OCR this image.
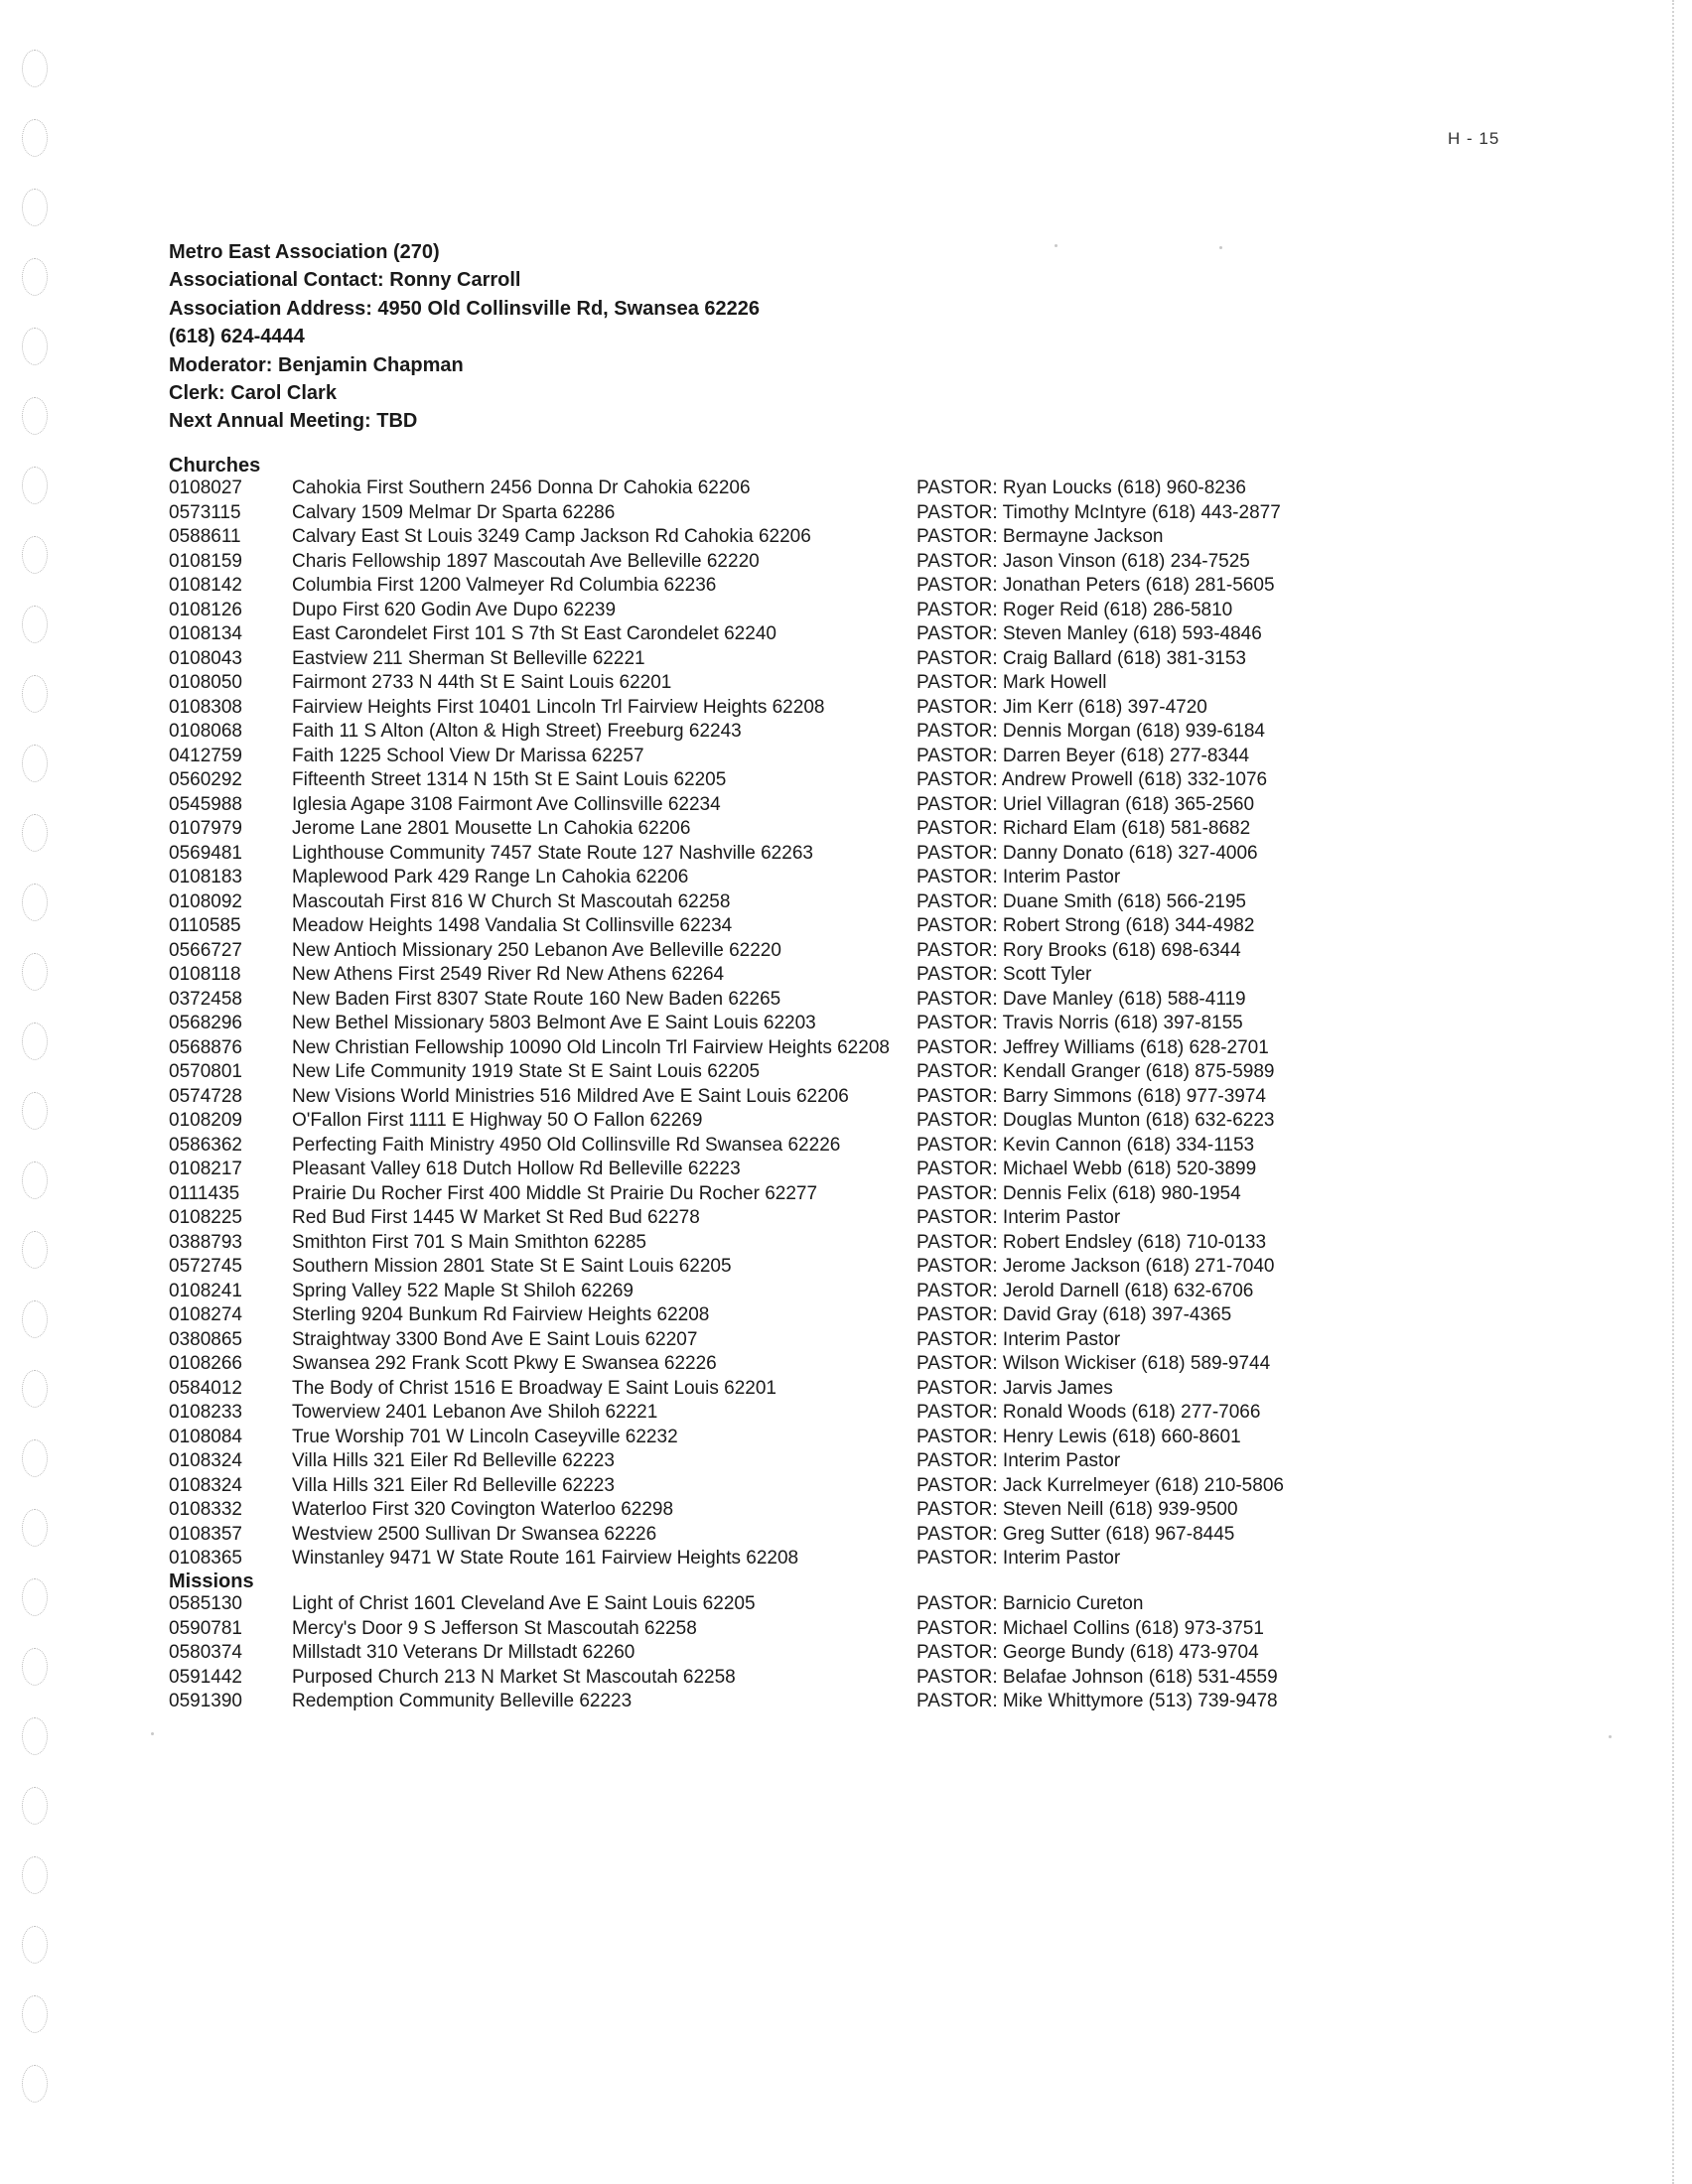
H - 15
Metro East Association (270)
Associational Contact: Ronny Carroll
Association Address: 4950 Old Collinsville Rd, Swansea 62226
(618) 624-4444
Moderator: Benjamin Chapman
Clerk: Carol Clark
Next Annual Meeting: TBD
Churches
0108027	Cahokia First Southern 2456 Donna Dr Cahokia 62206	PASTOR: Ryan Loucks (618) 960-8236
0573115	Calvary 1509 Melmar Dr Sparta 62286	PASTOR: Timothy McIntyre (618) 443-2877
0588611	Calvary East St Louis 3249 Camp Jackson Rd Cahokia 62206	PASTOR: Bermayne Jackson
0108159	Charis Fellowship 1897 Mascoutah Ave Belleville 62220	PASTOR: Jason Vinson (618) 234-7525
0108142	Columbia First 1200 Valmeyer Rd Columbia 62236	PASTOR: Jonathan Peters (618) 281-5605
0108126	Dupo First 620 Godin Ave Dupo 62239	PASTOR: Roger Reid (618) 286-5810
0108134	East Carondelet First 101 S 7th St East Carondelet 62240	PASTOR: Steven Manley (618) 593-4846
0108043	Eastview 211 Sherman St Belleville 62221	PASTOR: Craig Ballard (618) 381-3153
0108050	Fairmont 2733 N 44th St E Saint Louis 62201	PASTOR: Mark Howell
0108308	Fairview Heights First 10401 Lincoln Trl Fairview Heights 62208	PASTOR: Jim Kerr (618) 397-4720
0108068	Faith 11 S Alton (Alton & High Street) Freeburg 62243	PASTOR: Dennis Morgan (618) 939-6184
0412759	Faith 1225 School View Dr Marissa 62257	PASTOR: Darren Beyer (618) 277-8344
0560292	Fifteenth Street 1314 N 15th St E Saint Louis 62205	PASTOR: Andrew Prowell (618) 332-1076
0545988	Iglesia Agape 3108 Fairmont Ave Collinsville 62234	PASTOR: Uriel Villagran (618) 365-2560
0107979	Jerome Lane 2801 Mousette Ln Cahokia 62206	PASTOR: Richard Elam (618) 581-8682
0569481	Lighthouse Community 7457 State Route 127 Nashville 62263	PASTOR: Danny Donato (618) 327-4006
0108183	Maplewood Park 429 Range Ln Cahokia 62206	PASTOR: Interim Pastor
0108092	Mascoutah First 816 W Church St Mascoutah 62258	PASTOR: Duane Smith (618) 566-2195
0110585	Meadow Heights 1498 Vandalia St Collinsville 62234	PASTOR: Robert Strong (618) 344-4982
0566727	New Antioch Missionary 250 Lebanon Ave Belleville 62220	PASTOR: Rory Brooks (618) 698-6344
0108118	New Athens First 2549 River Rd New Athens 62264	PASTOR: Scott Tyler
0372458	New Baden First 8307 State Route 160 New Baden 62265	PASTOR: Dave Manley (618) 588-4119
0568296	New Bethel Missionary 5803 Belmont Ave E Saint Louis 62203	PASTOR: Travis Norris (618) 397-8155
0568876	New Christian Fellowship 10090 Old Lincoln Trl Fairview Heights 62208	PASTOR: Jeffrey Williams (618) 628-2701
0570801	New Life Community 1919 State St E Saint Louis 62205	PASTOR: Kendall Granger (618) 875-5989
0574728	New Visions World Ministries 516 Mildred Ave E Saint Louis 62206	PASTOR: Barry Simmons (618) 977-3974
0108209	O'Fallon First 1111 E Highway 50 O Fallon 62269	PASTOR: Douglas Munton (618) 632-6223
0586362	Perfecting Faith Ministry 4950 Old Collinsville Rd Swansea 62226	PASTOR: Kevin Cannon (618) 334-1153
0108217	Pleasant Valley 618 Dutch Hollow Rd Belleville 62223	PASTOR: Michael Webb (618) 520-3899
0111435	Prairie Du Rocher First 400 Middle St Prairie Du Rocher 62277	PASTOR: Dennis Felix (618) 980-1954
0108225	Red Bud First 1445 W Market St Red Bud 62278	PASTOR: Interim Pastor
0388793	Smithton First 701 S Main Smithton 62285	PASTOR: Robert Endsley (618) 710-0133
0572745	Southern Mission 2801 State St E Saint Louis 62205	PASTOR: Jerome Jackson (618) 271-7040
0108241	Spring Valley 522 Maple St Shiloh 62269	PASTOR: Jerold Darnell (618) 632-6706
0108274	Sterling 9204 Bunkum Rd Fairview Heights 62208	PASTOR: David Gray (618) 397-4365
0380865	Straightway 3300 Bond Ave E Saint Louis 62207	PASTOR: Interim Pastor
0108266	Swansea 292 Frank Scott Pkwy E Swansea 62226	PASTOR: Wilson Wickiser (618) 589-9744
0584012	The Body of Christ 1516 E Broadway E Saint Louis 62201	PASTOR: Jarvis James
0108233	Towerview 2401 Lebanon Ave Shiloh 62221	PASTOR: Ronald Woods (618) 277-7066
0108084	True Worship 701 W Lincoln Caseyville 62232	PASTOR: Henry Lewis (618) 660-8601
0108324	Villa Hills 321 Eiler Rd Belleville 62223	PASTOR: Interim Pastor
0108324	Villa Hills 321 Eiler Rd Belleville 62223	PASTOR: Jack Kurrelmeyer (618) 210-5806
0108332	Waterloo First 320 Covington Waterloo 62298	PASTOR: Steven Neill (618) 939-9500
0108357	Westview 2500 Sullivan Dr Swansea 62226	PASTOR: Greg Sutter (618) 967-8445
0108365	Winstanley 9471 W State Route 161 Fairview Heights 62208	PASTOR: Interim Pastor
Missions
0585130	Light of Christ 1601 Cleveland Ave E Saint Louis 62205	PASTOR: Barnicio Cureton
0590781	Mercy's Door 9 S Jefferson St Mascoutah 62258	PASTOR: Michael Collins (618) 973-3751
0580374	Millstadt 310 Veterans Dr Millstadt 62260	PASTOR: George Bundy (618) 473-9704
0591442	Purposed Church 213 N Market St Mascoutah 62258	PASTOR: Belafae Johnson (618) 531-4559
0591390	Redemption Community Belleville 62223	PASTOR: Mike Whittymore (513) 739-9478
